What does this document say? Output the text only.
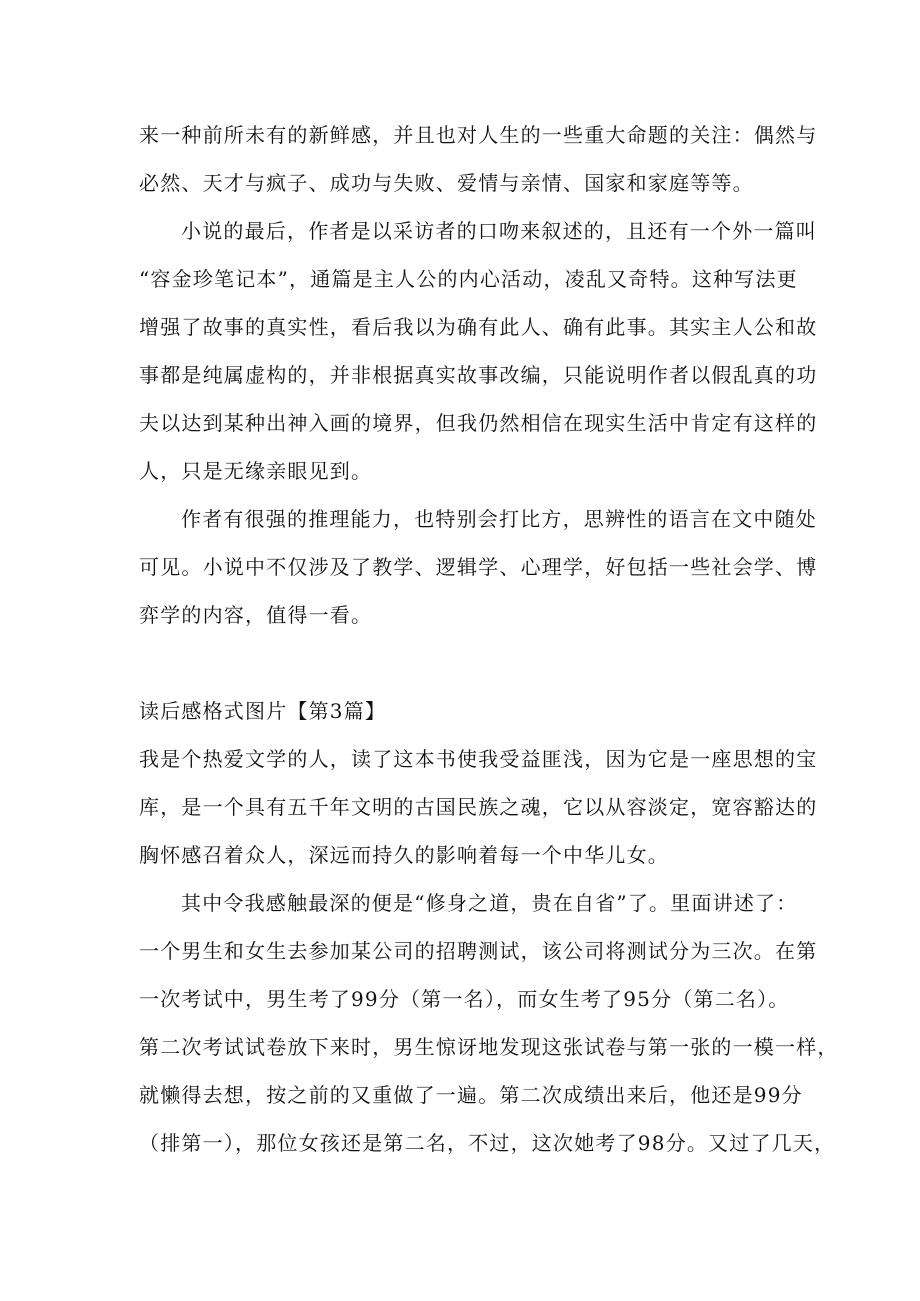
来一种前所未有的新鲜感，并且也对人生的一些重大命题的关注：偶然与
必然、天才与疯子、成功与失败、爱情与亲情、国家和家庭等等。
小说的最后，作者是以采访者的口吻来叙述的，且还有一个外一篇叫
“容金珍笔记本”，通篇是主人公的内心活动，凌乱又奇特。这种写法更
增强了故事的真实性，看后我以为确有此人、确有此事。其实主人公和故
事都是纯属虚构的，并非根据真实故事改编，只能说明作者以假乱真的功
夫以达到某种出神入画的境界，但我仍然相信在现实生活中肯定有这样的
人，只是无缘亲眼见到。
作者有很强的推理能力，也特别会打比方，思辨性的语言在文中随处
可见。小说中不仅涉及了教学、逻辑学、心理学，好包括一些社会学、博
弈学的内容，值得一看。
读后感格式图片【第3篇】
我是个热爱文学的人，读了这本书使我受益匪浅，因为它是一座思想的宝
库，是一个具有五千年文明的古国民族之魂，它以从容淡定，宽容豁达的
胸怀感召着众人，深远而持久的影响着每一个中华儿女。
其中令我感触最深的便是“修身之道，贵在自省”了。里面讲述了：
一个男生和女生去参加某公司的招聘测试，该公司将测试分为三次。在第
一次考试中，男生考了99分（第一名），而女生考了95分（第二名）。
第二次考试试卷放下来时，男生惊讶地发现这张试卷与第一张的一模一样，
就懒得去想，按之前的又重做了一遍。第二次成绩出来后，他还是99分
（排第一），那位女孩还是第二名，不过，这次她考了98分。又过了几天，
